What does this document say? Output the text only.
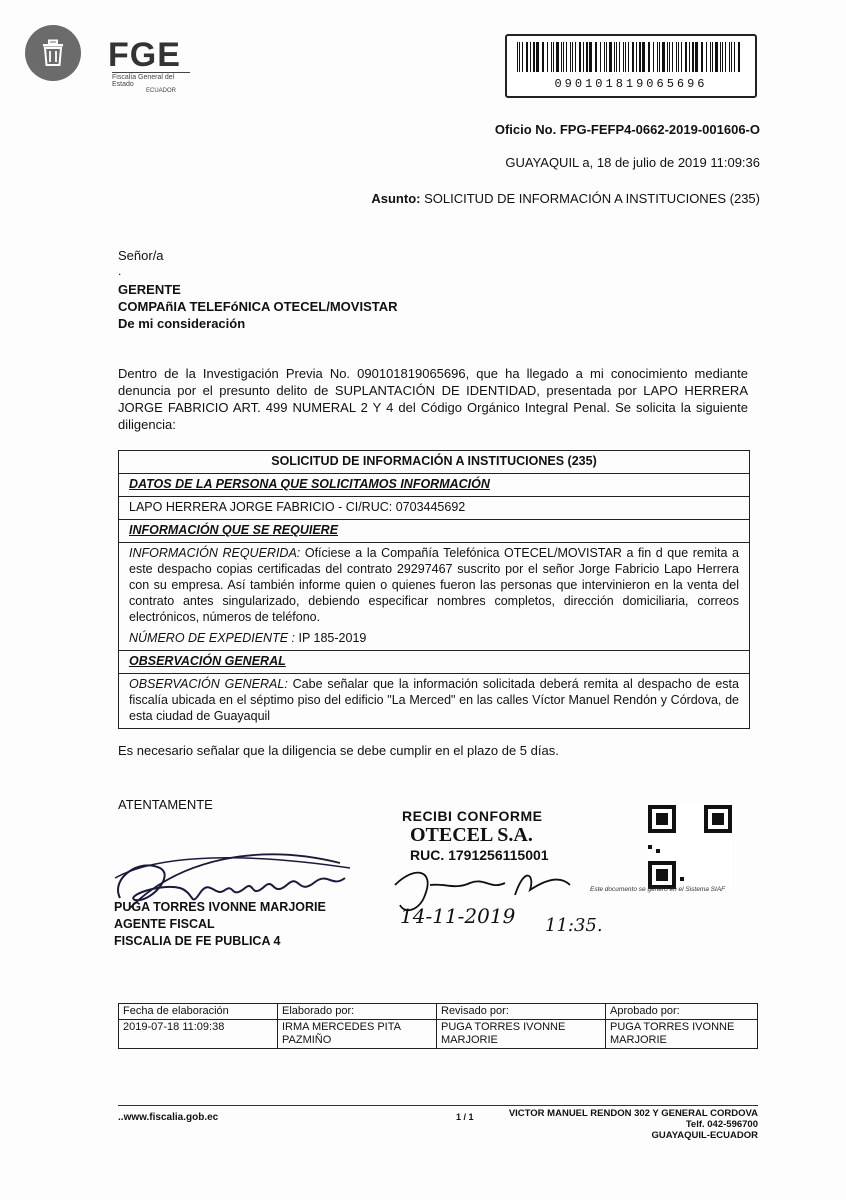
FGE
Fiscalía General del Estado
ECUADOR	090101819065696
Oficio No. FPG-FEFP4-0662-2019-001606-O
GUAYAQUIL a, 18 de julio de 2019 11:09:36
Asunto: SOLICITUD DE INFORMACIÓN A INSTITUCIONES (235)
Señor/a
.
GERENTE
COMPAñIA TELEFóNICA OTECEL/MOVISTAR
De mi consideración
Dentro de la Investigación Previa No. 090101819065696, que ha llegado a mi conocimiento mediante denuncia por el presunto delito de SUPLANTACIÓN DE IDENTIDAD, presentada por LAPO HERRERA JORGE FABRICIO ART. 499 NUMERAL 2 Y 4 del Código Orgánico Integral Penal. Se solicita la siguiente diligencia:
SOLICITUD DE INFORMACIÓN A INSTITUCIONES (235)

DATOS DE LA PERSONA QUE SOLICITAMOS INFORMACIÓN

LAPO HERRERA JORGE FABRICIO - CI/RUC: 0703445692

INFORMACIÓN QUE SE REQUIERE

INFORMACIÓN REQUERIDA: Ofíciese a la Compañía Telefónica OTECEL/MOVISTAR a fin d que remita a este despacho copias certificadas del contrato 29297467 suscrito por el señor Jorge Fabricio Lapo Herrera con su empresa. Así también informe quien o quienes fueron las personas que intervinieron en la venta del contrato antes singularizado, debiendo especificar nombres completos, dirección domiciliaria, correos electrónicos, números de teléfono.
NÚMERO DE EXPEDIENTE : IP 185-2019

OBSERVACIÓN GENERAL

OBSERVACIÓN GENERAL: Cabe señalar que la información solicitada deberá remita al despacho de esta fiscalía ubicada en el séptimo piso del edificio "La Merced" en las calles Víctor Manuel Rendón y Córdova, de esta ciudad de Guayaquil
Es necesario señalar que la diligencia se debe cumplir en el plazo de 5 días.
ATENTAMENTE
PUGA TORRES IVONNE MARJORIE
AGENTE FISCAL
FISCALIA DE FE PUBLICA 4
RECIBI CONFORME
OTECEL S.A.
RUC. 1791256115001
14-11-2019 11:35.
Este documento se generó en el Sistema SIAF
Fecha de elaboración	Elaborado por:	Revisado por:	Aprobado por:
2019-07-18 11:09:38	IRMA MERCEDES PITA PAZMIÑO	PUGA TORRES IVONNE MARJORIE	PUGA TORRES IVONNE MARJORIE
..www.fiscalia.gob.ec	1 / 1	VICTOR MANUEL RENDON 302 Y GENERAL CORDOVA
Telf. 042-596700
GUAYAQUIL-ECUADOR
